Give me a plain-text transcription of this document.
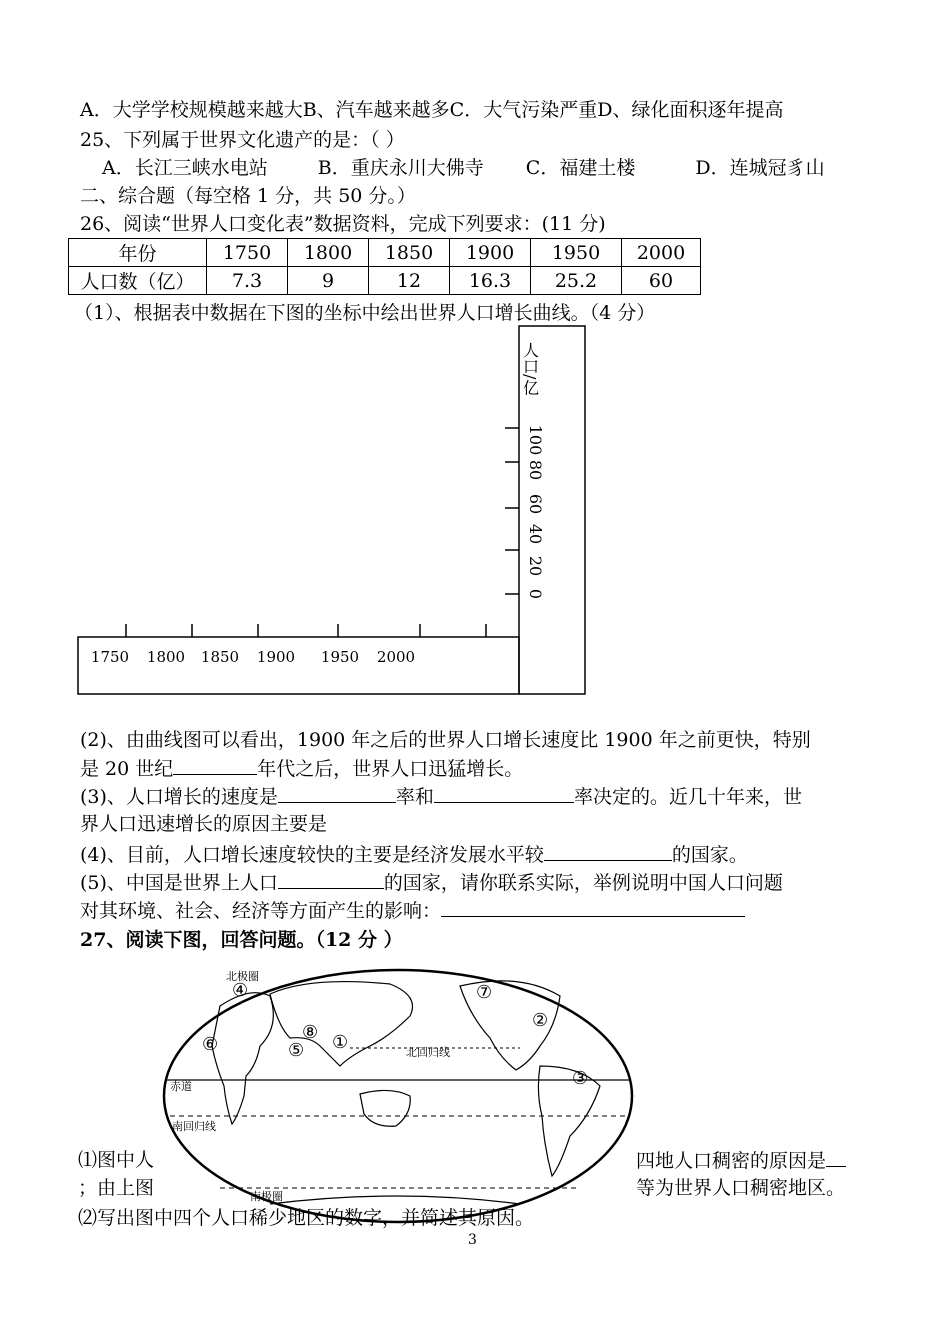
A．大学学校规模越来越大B、汽车越来越多C．大气污染严重D、绿化面积逐年提高
25、下列属于世界文化遗产的是：（ ）
A．长江三峡水电站	B．重庆永川大佛寺 C．福建土楼	D．连城冠豸山
二、综合题（每空格 1 分，共 50 分。）
26、阅读“世界人口变化表”数据资料，完成下列要求：(11 分)
年份	1750	1800	1850	1900	1950	2000
人口数（亿）	7.3	9	12	16.3	25.2	60
（1）、根据表中数据在下图的坐标中绘出世界人口增长曲线。（4 分）
1750 1800 1850 1900 1950 2000
0
20
40
60
80
100
人口/亿
(2)、由曲线图可以看出，1900 年之后的世界人口增长速度比 1900 年之前更快，特别
是 20 世纪	年代之后，世界人口迅猛增长。
(3)、人口增长的速度是	率和	率决定的。近几十年来，世
界人口迅速增长的原因主要是
(4)、目前，人口增长速度较快的主要是经济发展水平较	的国家。
(5)、中国是世界上人口	的国家，请你联系实际，举例说明中国人口问题
对其环境、社会、经济等方面产生的影响：
27、阅读下图，回答问题。（12 分 ）
北极圈
北回归线
赤道
南回归线
南极圈
①
②
③
④
⑤
⑥
⑦
⑧
⑴图中人	四地人口稠密的原因是
；由上图	等为世界人口稠密地区。
⑵写出图中四个人口稀少地区的数字，并简述其原因。
3
